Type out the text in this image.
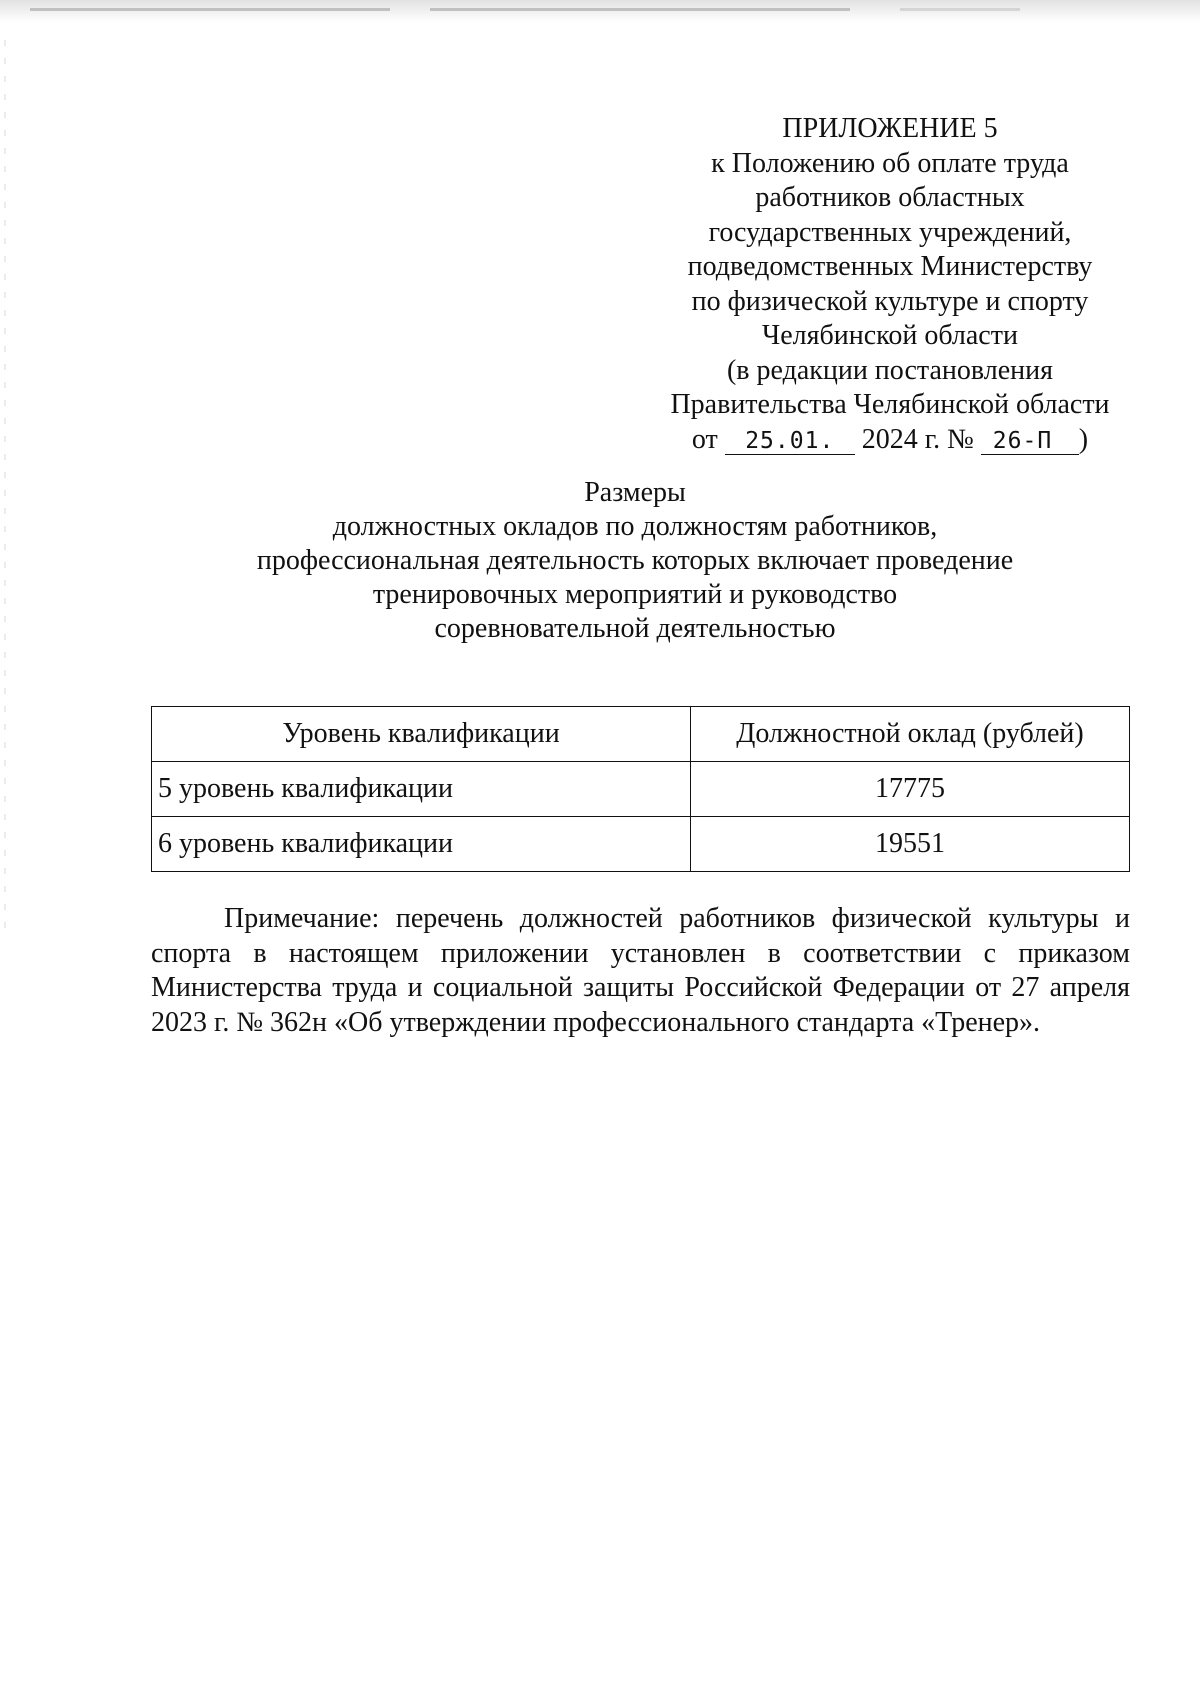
ПРИЛОЖЕНИЕ 5
к Положению об оплате труда
работников областных
государственных учреждений,
подведомственных Министерству
по физической культуре и спорту
Челябинской области
(в редакции постановления
Правительства Челябинской области
от 25.01. 2024 г. № 26-П )
Размеры
должностных окладов по должностям работников,
профессиональная деятельность которых включает проведение
тренировочных мероприятий и руководство
соревновательной деятельностью
Уровень квалификации	Должностной оклад (рублей)
5 уровень квалификации	17775
6 уровень квалификации	19551
Примечание: перечень должностей работников физической культуры и спорта в настоящем приложении установлен в соответствии с приказом Министерства труда и социальной защиты Российской Федерации от 27 апреля 2023 г. № 362н «Об утверждении профессионального стандарта «Тренер».
